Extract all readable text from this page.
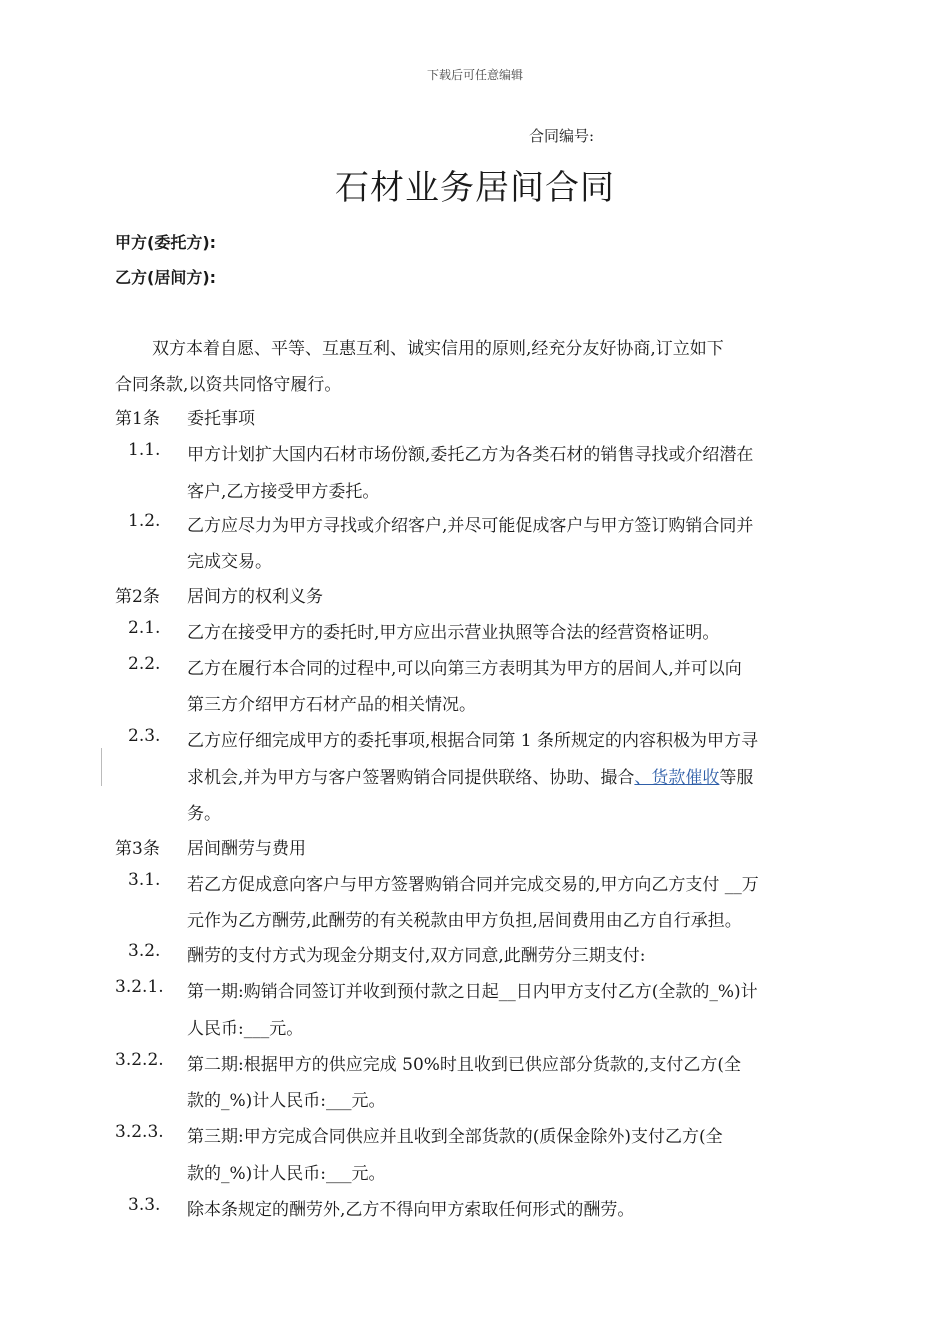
下载后可任意编辑
合同编号:
石材业务居间合同
甲方(委托方):
乙方(居间方):
双方本着自愿、平等、互惠互利、诚实信用的原则,经充分友好协商,订立如下
合同条款,以资共同恪守履行。
第1条 委托事项
1.1. 甲方计划扩大国内石材市场份额,委托乙方为各类石材的销售寻找或介绍潜在
客户,乙方接受甲方委托。
1.2. 乙方应尽力为甲方寻找或介绍客户,并尽可能促成客户与甲方签订购销合同并
完成交易。
第2条 居间方的权利义务
2.1. 乙方在接受甲方的委托时,甲方应出示营业执照等合法的经营资格证明。
2.2. 乙方在履行本合同的过程中,可以向第三方表明其为甲方的居间人,并可以向
第三方介绍甲方石材产品的相关情况。
2.3. 乙方应仔细完成甲方的委托事项,根据合同第 1 条所规定的内容积极为甲方寻
求机会,并为甲方与客户签署购销合同提供联络、协助、撮合、货款催收等服
务。
第3条 居间酬劳与费用
3.1. 若乙方促成意向客户与甲方签署购销合同并完成交易的,甲方向乙方支付 __万
元作为乙方酬劳,此酬劳的有关税款由甲方负担,居间费用由乙方自行承担。
3.2. 酬劳的支付方式为现金分期支付,双方同意,此酬劳分三期支付:
3.2.1. 第一期:购销合同签订并收到预付款之日起__日内甲方支付乙方(全款的_%)计
人民币:___元。
3.2.2. 第二期:根据甲方的供应完成 50%时且收到已供应部分货款的,支付乙方(全
款的_%)计人民币:___元。
3.2.3. 第三期:甲方完成合同供应并且收到全部货款的(质保金除外)支付乙方(全
款的_%)计人民币:___元。
3.3. 除本条规定的酬劳外,乙方不得向甲方索取任何形式的酬劳。
